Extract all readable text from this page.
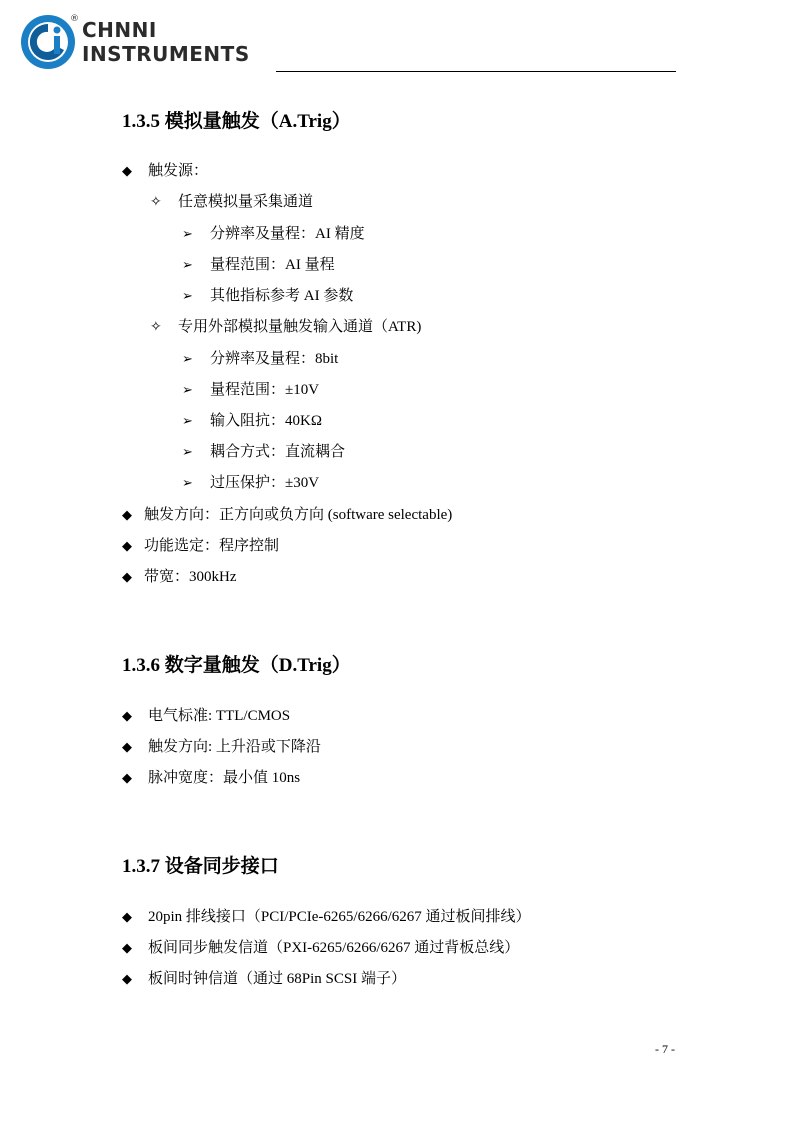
® CHNNI
INSTRUMENTS
1.3.5 模拟量触发（A.Trig）
◆ 触发源：
✧ 任意模拟量采集通道
➢ 分辨率及量程：AI 精度
➢ 量程范围：AI 量程
➢ 其他指标参考 AI 参数
✧ 专用外部模拟量触发输入通道（ATR)
➢ 分辨率及量程：8bit
➢ 量程范围：±10V
➢ 输入阻抗：40KΩ
➢ 耦合方式：直流耦合
➢ 过压保护：±30V
◆ 触发方向：正方向或负方向 (software selectable)
◆ 功能选定：程序控制
◆ 带宽：300kHz
1.3.6 数字量触发（D.Trig）
◆ 电气标准: TTL/CMOS
◆ 触发方向: 上升沿或下降沿
◆ 脉冲宽度：最小值 10ns
1.3.7 设备同步接口
◆ 20pin 排线接口（PCI/PCIe-6265/6266/6267 通过板间排线）
◆ 板间同步触发信道（PXI-6265/6266/6267 通过背板总线）
◆ 板间时钟信道（通过 68Pin SCSI 端子）
- 7 -
